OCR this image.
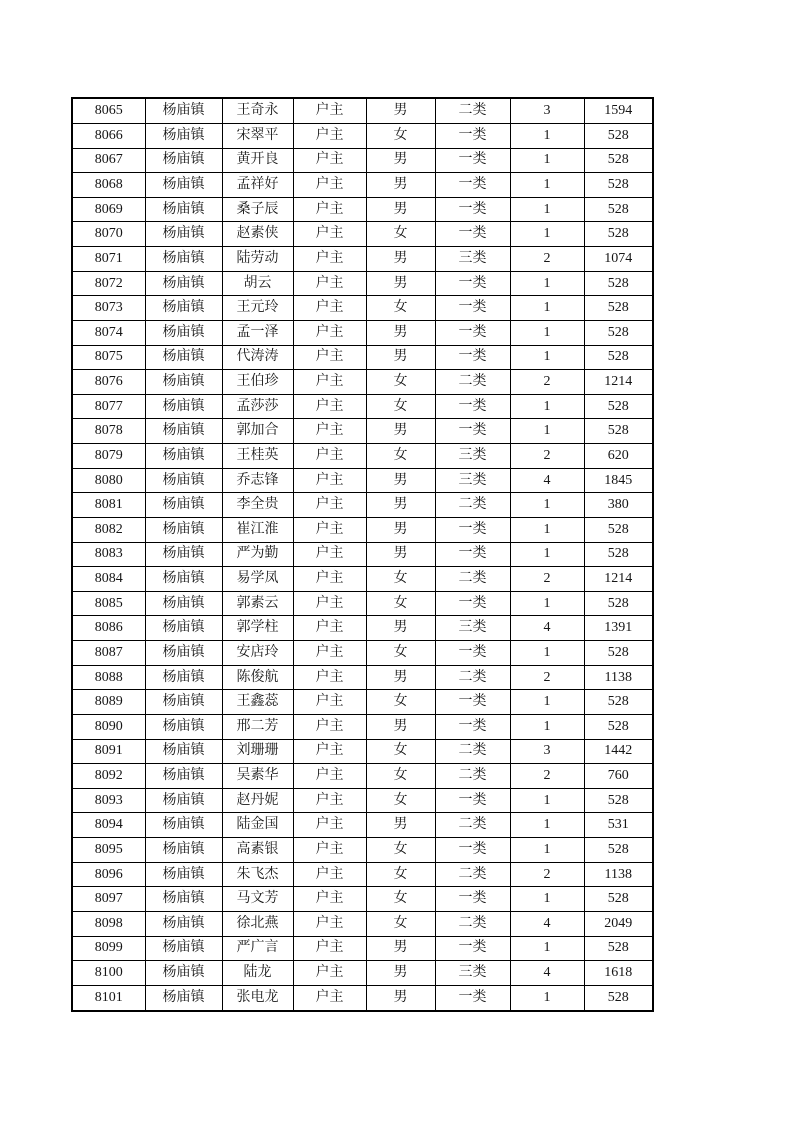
8065	杨庙镇	王奇永	户主	男	二类	3	1594
8066	杨庙镇	宋翠平	户主	女	一类	1	528
8067	杨庙镇	黄开良	户主	男	一类	1	528
8068	杨庙镇	孟祥好	户主	男	一类	1	528
8069	杨庙镇	桑子辰	户主	男	一类	1	528
8070	杨庙镇	赵素侠	户主	女	一类	1	528
8071	杨庙镇	陆劳动	户主	男	三类	2	1074
8072	杨庙镇	胡云	户主	男	一类	1	528
8073	杨庙镇	王元玲	户主	女	一类	1	528
8074	杨庙镇	孟一泽	户主	男	一类	1	528
8075	杨庙镇	代涛涛	户主	男	一类	1	528
8076	杨庙镇	王伯珍	户主	女	二类	2	1214
8077	杨庙镇	孟莎莎	户主	女	一类	1	528
8078	杨庙镇	郭加合	户主	男	一类	1	528
8079	杨庙镇	王桂英	户主	女	三类	2	620
8080	杨庙镇	乔志锋	户主	男	三类	4	1845
8081	杨庙镇	李全贵	户主	男	二类	1	380
8082	杨庙镇	崔江淮	户主	男	一类	1	528
8083	杨庙镇	严为勤	户主	男	一类	1	528
8084	杨庙镇	易学凤	户主	女	二类	2	1214
8085	杨庙镇	郭素云	户主	女	一类	1	528
8086	杨庙镇	郭学柱	户主	男	三类	4	1391
8087	杨庙镇	安店玲	户主	女	一类	1	528
8088	杨庙镇	陈俊航	户主	男	二类	2	1138
8089	杨庙镇	王鑫蕊	户主	女	一类	1	528
8090	杨庙镇	邢二芳	户主	男	一类	1	528
8091	杨庙镇	刘珊珊	户主	女	二类	3	1442
8092	杨庙镇	吴素华	户主	女	二类	2	760
8093	杨庙镇	赵丹妮	户主	女	一类	1	528
8094	杨庙镇	陆金国	户主	男	二类	1	531
8095	杨庙镇	高素银	户主	女	一类	1	528
8096	杨庙镇	朱飞杰	户主	女	二类	2	1138
8097	杨庙镇	马文芳	户主	女	一类	1	528
8098	杨庙镇	徐北燕	户主	女	二类	4	2049
8099	杨庙镇	严广言	户主	男	一类	1	528
8100	杨庙镇	陆龙	户主	男	三类	4	1618
8101	杨庙镇	张电龙	户主	男	一类	1	528
